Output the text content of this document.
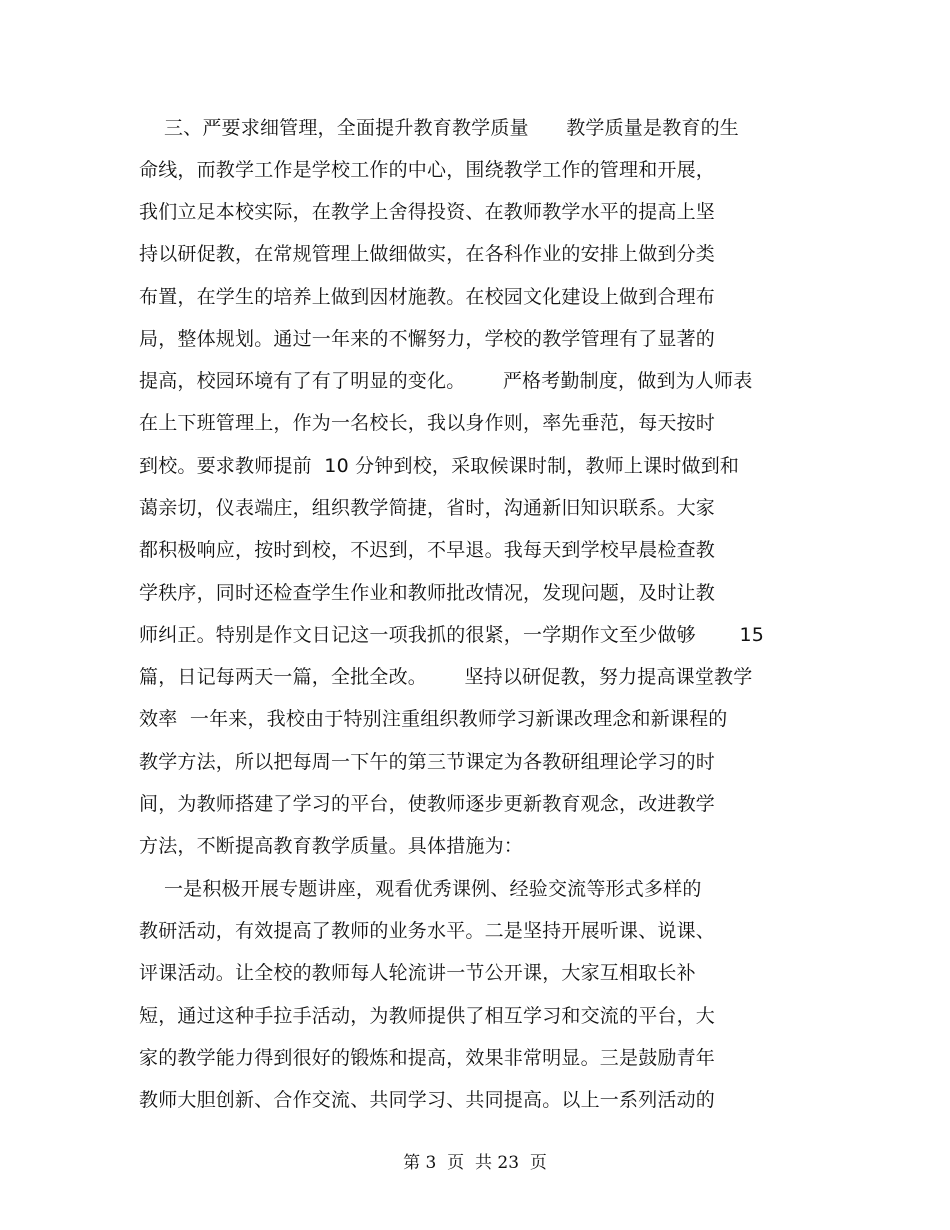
三、严要求细管理，全面提升教育教学质量      教学质量是教育的生
命线，而教学工作是学校工作的中心，围绕教学工作的管理和开展，
我们立足本校实际，在教学上舍得投资、在教师教学水平的提高上坚
持以研促教，在常规管理上做细做实，在各科作业的安排上做到分类
布置，在学生的培养上做到因材施教。在校园文化建设上做到合理布
局，整体规划。通过一年来的不懈努力，学校的教学管理有了显著的
提高，校园环境有了有了明显的变化。      严格考勤制度，做到为人师表
在上下班管理上，作为一名校长，我以身作则，率先垂范，每天按时
到校。要求教师提前  10 分钟到校，采取候课时制，教师上课时做到和
蔼亲切，仪表端庄，组织教学简捷，省时，沟通新旧知识联系。大家
都积极响应，按时到校，不迟到，不早退。我每天到学校早晨检查教
学秩序，同时还检查学生作业和教师批改情况，发现问题，及时让教
师纠正。特别是作文日记这一项我抓的很紧，一学期作文至少做够       15
篇，日记每两天一篇，全批全改。      坚持以研促教，努力提高课堂教学
效率  一年来，我校由于特别注重组织教师学习新课改理念和新课程的
教学方法，所以把每周一下午的第三节课定为各教研组理论学习的时
间，为教师搭建了学习的平台，使教师逐步更新教育观念，改进教学
方法，不断提高教育教学质量。具体措施为：
一是积极开展专题讲座，观看优秀课例、经验交流等形式多样的
教研活动，有效提高了教师的业务水平。二是坚持开展听课、说课、
评课活动。让全校的教师每人轮流讲一节公开课，大家互相取长补
短，通过这种手拉手活动，为教师提供了相互学习和交流的平台，大
家的教学能力得到很好的锻炼和提高，效果非常明显。三是鼓励青年
教师大胆创新、合作交流、共同学习、共同提高。以上一系列活动的
第 3  页  共 23  页
